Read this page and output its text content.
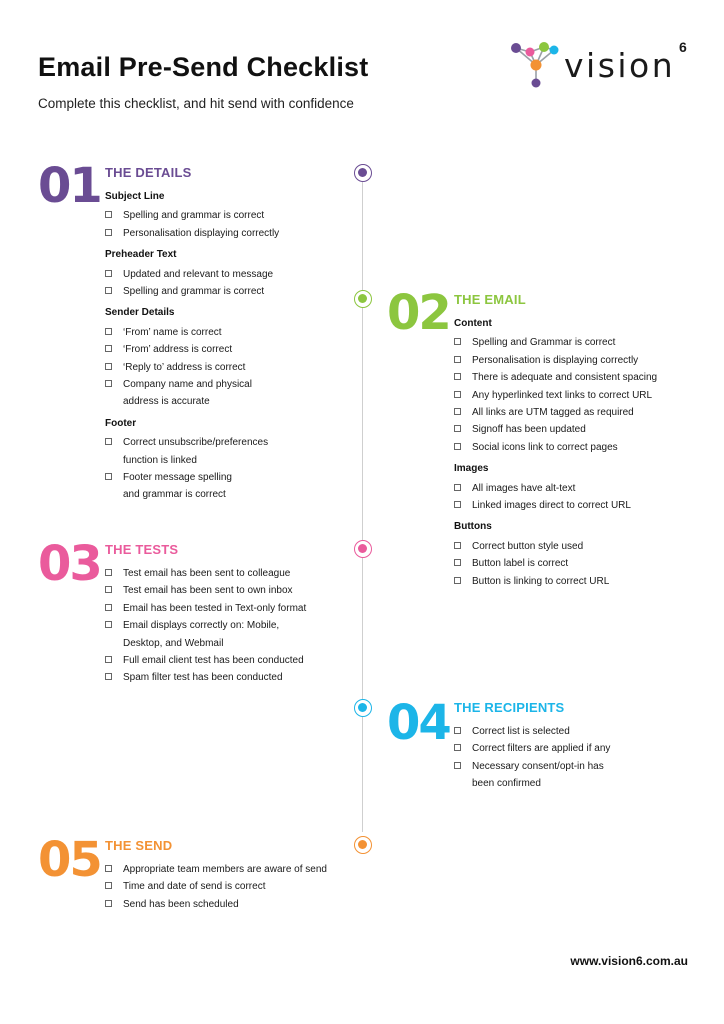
Email Pre-Send Checklist
Complete this checklist, and hit send with confidence
vision 6
01 THE DETAILS
Subject Line
Spelling and grammar is correct
Personalisation displaying correctly
Preheader Text
Updated and relevant to message
Spelling and grammar is correct
Sender Details
‘From’ name is correct
‘From’ address is correct
‘Reply to’ address is correct
Company name and physical
address is accurate
Footer
Correct unsubscribe/preferences
function is linked
Footer message spelling
and grammar is correct
02 THE EMAIL
Content
Spelling and Grammar is correct
Personalisation is displaying correctly
There is adequate and consistent spacing
Any hyperlinked text links to correct URL
All links are UTM tagged as required
Signoff has been updated
Social icons link to correct pages
Images
All images have alt-text
Linked images direct to correct URL
Buttons
Correct button style used
Button label is correct
Button is linking to correct URL
03 THE TESTS
Test email has been sent to colleague
Test email has been sent to own inbox
Email has been tested in Text-only format
Email displays correctly on: Mobile,
Desktop, and Webmail
Full email client test has been conducted
Spam filter test has been conducted
04 THE RECIPIENTS
Correct list is selected
Correct filters are applied if any
Necessary consent/opt-in has
been confirmed
05 THE SEND
Appropriate team members are aware of send
Time and date of send is correct
Send has been scheduled
www.vision6.com.au
